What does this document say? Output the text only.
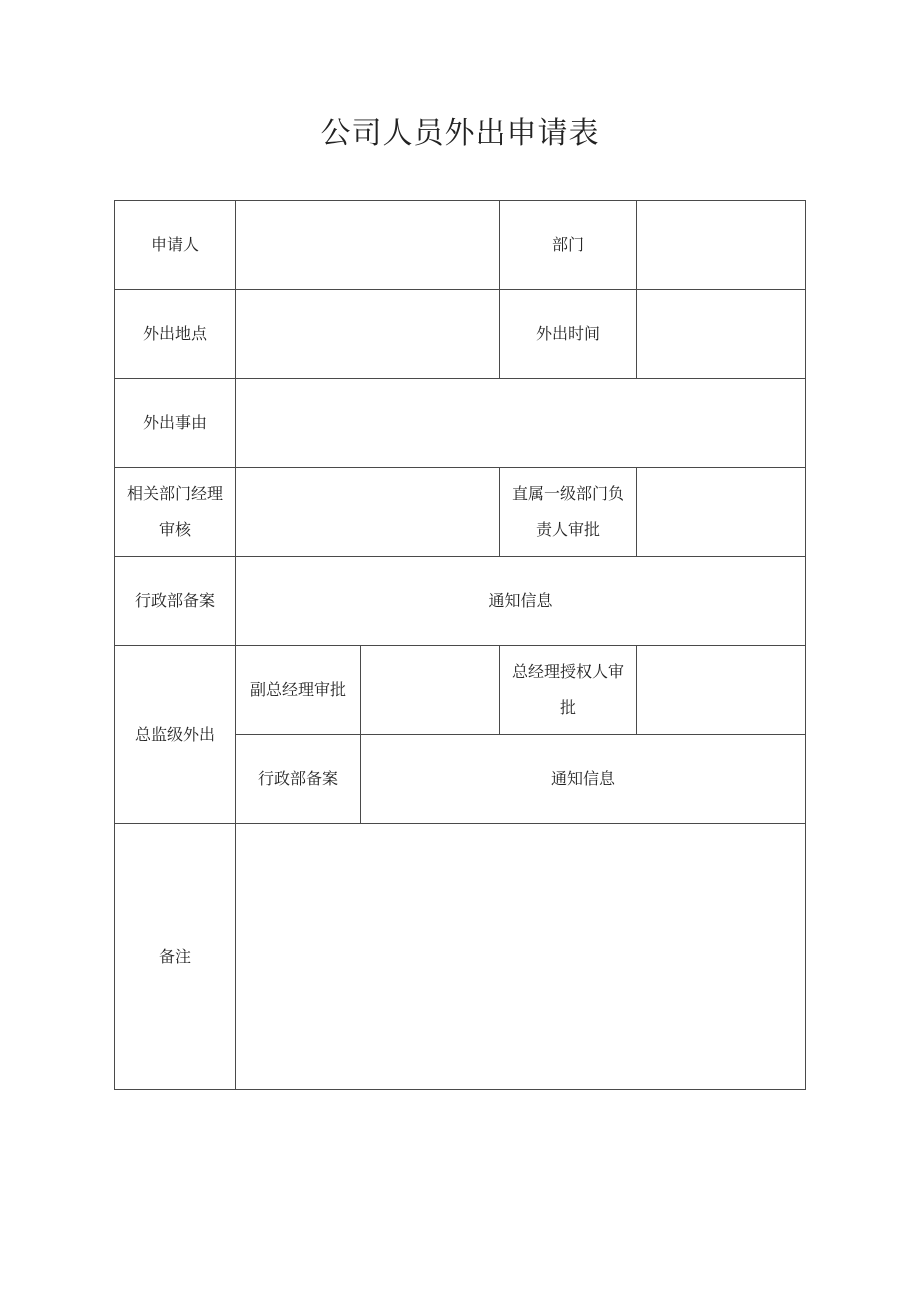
公司人员外出申请表
申请人			部门	
外出地点			外出时间	
外出事由				
相关部门经理审核			直属一级部门负责人审批	
行政部备案	通知信息			
总监级外出	副总经理审批		总经理授权人审批	
	行政部备案	通知信息		
备注				
